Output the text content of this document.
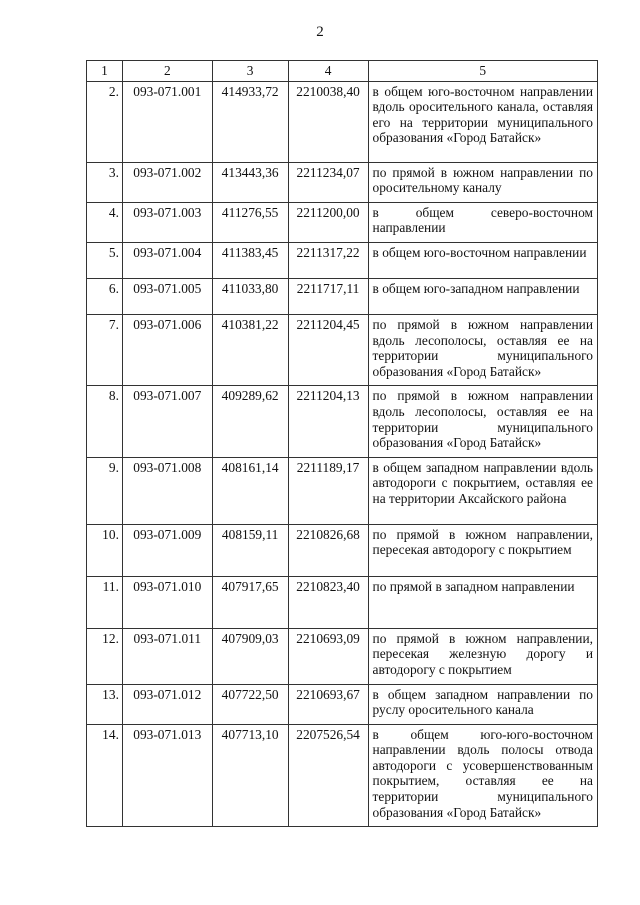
2
1	2	3	4	5
2.	093-071.001	414933,72	2210038,40	в общем юго-восточном направлении вдоль оросительного канала, оставляя его на территории муниципального образования «Город Батайск»
3.	093-071.002	413443,36	2211234,07	по прямой в южном направлении по оросительному каналу
4.	093-071.003	411276,55	2211200,00	в общем северо-восточном направлении
5.	093-071.004	411383,45	2211317,22	в общем юго-восточном направлении
6.	093-071.005	411033,80	2211717,11	в общем юго-западном направлении
7.	093-071.006	410381,22	2211204,45	по прямой в южном направлении вдоль лесополосы, оставляя ее на территории муниципального образования «Город Батайск»
8.	093-071.007	409289,62	2211204,13	по прямой в южном направлении вдоль лесополосы, оставляя ее на территории муниципального образования «Город Батайск»
9.	093-071.008	408161,14	2211189,17	в общем западном направлении вдоль автодороги с покрытием, оставляя ее на территории Аксайского района
10.	093-071.009	408159,11	2210826,68	по прямой в южном направлении, пересекая автодорогу с покрытием
11.	093-071.010	407917,65	2210823,40	по прямой в западном направлении
12.	093-071.011	407909,03	2210693,09	по прямой в южном направлении, пересекая железную дорогу и автодорогу с покрытием
13.	093-071.012	407722,50	2210693,67	в общем западном направлении по руслу оросительного канала
14.	093-071.013	407713,10	2207526,54	в общем юго-юго-восточном направлении вдоль полосы отвода автодороги с усовершенствованным покрытием, оставляя ее на территории муниципального образования «Город Батайск»
